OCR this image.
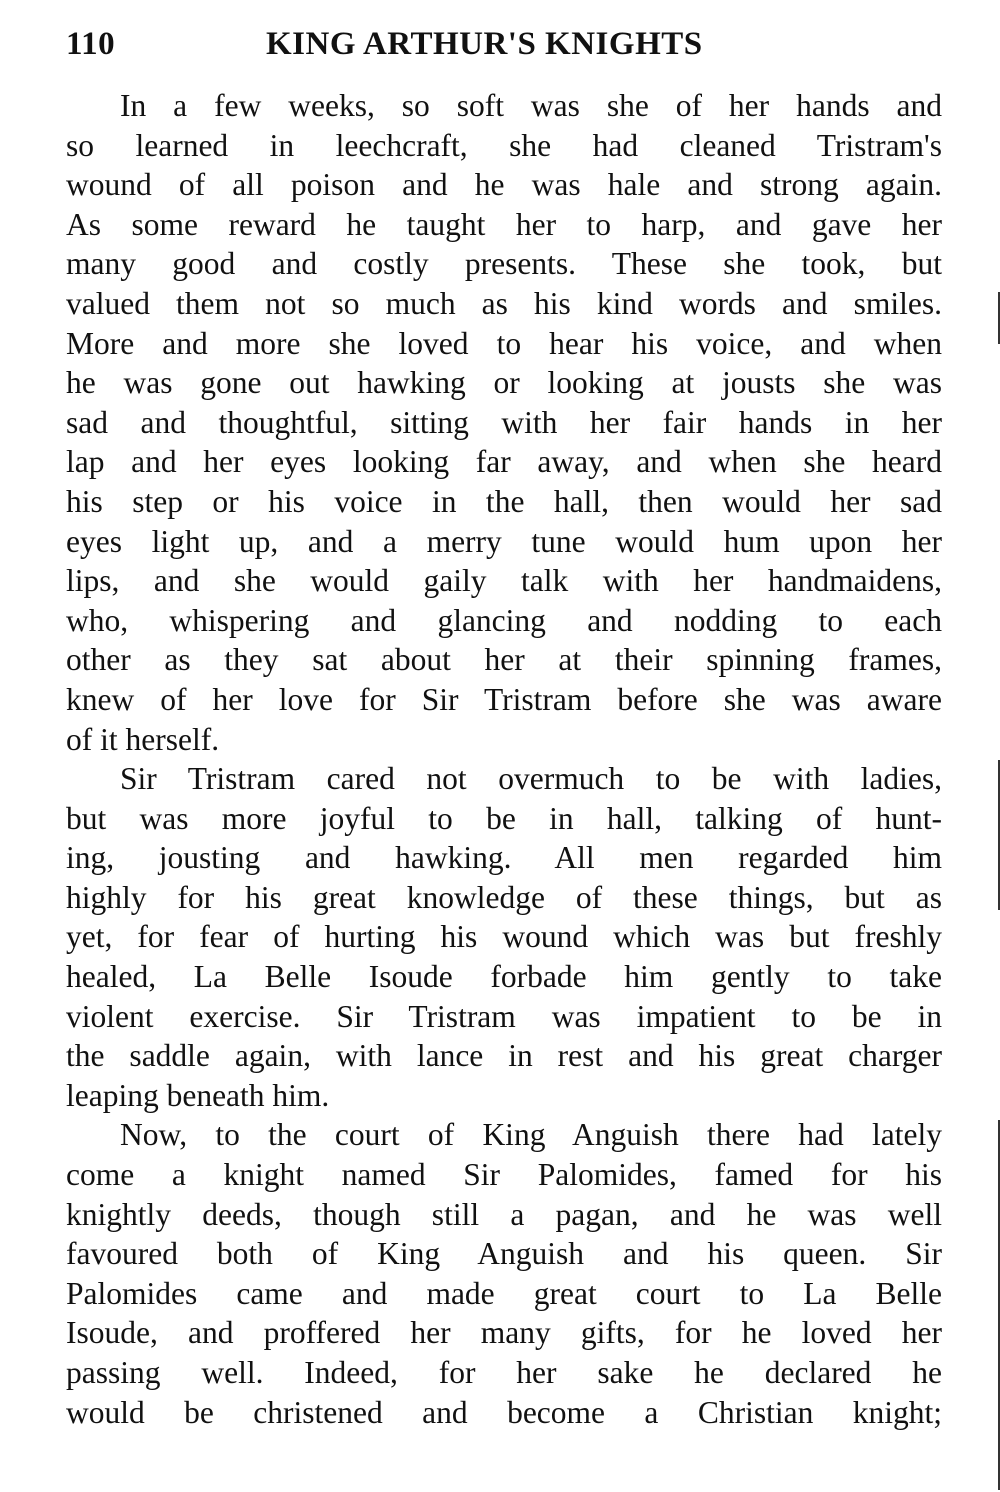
110	KING ARTHUR'S KNIGHTS
In a few weeks, so soft was she of her hands and
so learned in leechcraft, she had cleaned Tristram's
wound of all poison and he was hale and strong again.
As some reward he taught her to harp, and gave her
many good and costly presents. These she took, but
valued them not so much as his kind words and smiles.
More and more she loved to hear his voice, and when
he was gone out hawking or looking at jousts she was
sad and thoughtful, sitting with her fair hands in her
lap and her eyes looking far away, and when she heard
his step or his voice in the hall, then would her sad
eyes light up, and a merry tune would hum upon her
lips, and she would gaily talk with her handmaidens,
who, whispering and glancing and nodding to each
other as they sat about her at their spinning frames,
knew of her love for Sir Tristram before she was aware
of it herself.
Sir Tristram cared not overmuch to be with ladies,
but was more joyful to be in hall, talking of hunt-
ing, jousting and hawking. All men regarded him
highly for his great knowledge of these things, but as
yet, for fear of hurting his wound which was but freshly
healed, La Belle Isoude forbade him gently to take
violent exercise. Sir Tristram was impatient to be in
the saddle again, with lance in rest and his great charger
leaping beneath him.
Now, to the court of King Anguish there had lately
come a knight named Sir Palomides, famed for his
knightly deeds, though still a pagan, and he was well
favoured both of King Anguish and his queen. Sir
Palomides came and made great court to La Belle
Isoude, and proffered her many gifts, for he loved her
passing well. Indeed, for her sake he declared he
would be christened and become a Christian knight;
